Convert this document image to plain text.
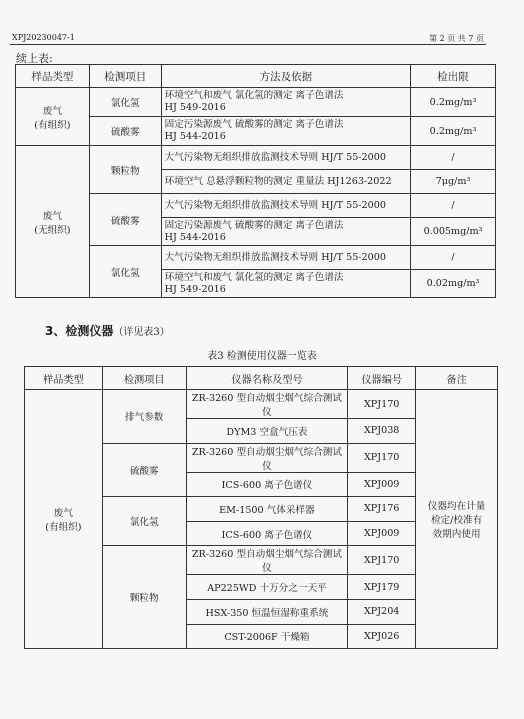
XPJ20230047-1	第 2 页 共 7 页
续上表:
样品类型	检测项目	方法及依据	检出限
废气
(有组织)	氯化氢	环境空气和废气 氯化氢的测定 离子色谱法
HJ 549-2016	0.2mg/m³
	硫酸雾	固定污染源废气 硫酸雾的测定 离子色谱法
HJ 544-2016	0.2mg/m³
废气
(无组织)	颗粒物	大气污染物无组织排放监测技术导则 HJ/T 55-2000	/
		环境空气 总悬浮颗粒物的测定 重量法 HJ1263-2022	7μg/m³
	硫酸雾	大气污染物无组织排放监测技术导则 HJ/T 55-2000	/
		固定污染源废气 硫酸雾的测定 离子色谱法
HJ 544-2016	0.005mg/m³
	氯化氢	大气污染物无组织排放监测技术导则 HJ/T 55-2000	/
		环境空气和废气 氯化氢的测定 离子色谱法
HJ 549-2016	0.02mg/m³
3、检测仪器（详见表3）
表3 检测使用仪器一览表
样品类型	检测项目	仪器名称及型号	仪器编号	备注
废气
(有组织)	排气参数	ZR-3260 型自动烟尘烟气综合测试仪	XPJ170	仪器均在计量
检定/校准有
效期内使用
		DYM3 空盒气压表	XPJ038	
	硫酸雾	ZR-3260 型自动烟尘烟气综合测试仪	XPJ170	
		ICS-600 离子色谱仪	XPJ009	
	氯化氢	EM-1500 气体采样器	XPJ176	
		ICS-600 离子色谱仪	XPJ009	
	颗粒物	ZR-3260 型自动烟尘烟气综合测试仪	XPJ170	
		AP225WD 十万分之一天平	XPJ179	
		HSX-350 恒温恒湿称重系统	XPJ204	
		CST-2006F 干燥箱	XPJ026	
